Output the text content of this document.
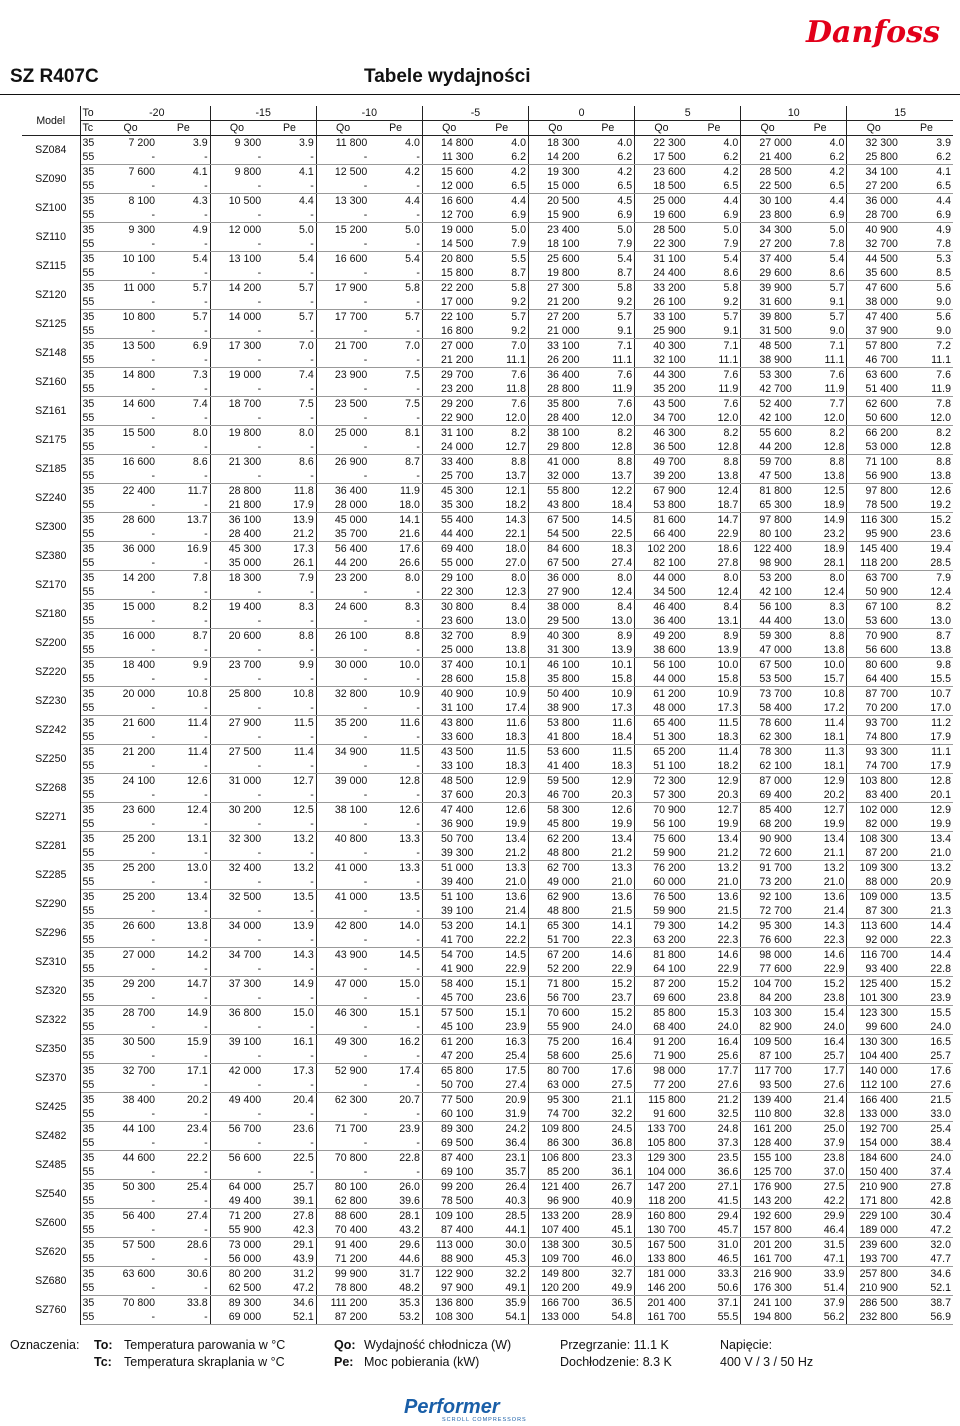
Danfoss
SZ R407C	Tabele wydajności
Model	To	-20		-15		-10		-5		0		5		10		15	
	Tc	Qo	Pe	Qo	Pe	Qo	Pe	Qo	Pe	Qo	Pe	Qo	Pe	Qo	Pe	Qo	Pe
SZ084	35	7 200	3.9	9 300	3.9	11 800	4.0	14 800	4.0	18 300	4.0	22 300	4.0	27 000	4.0	32 300	3.9
	55	-	-	-	-	-	-	11 300	6.2	14 200	6.2	17 500	6.2	21 400	6.2	25 800	6.2
SZ090	35	7 600	4.1	9 800	4.1	12 500	4.2	15 600	4.2	19 300	4.2	23 600	4.2	28 500	4.2	34 100	4.1
	55	-	-	-	-	-	-	12 000	6.5	15 000	6.5	18 500	6.5	22 500	6.5	27 200	6.5
SZ100	35	8 100	4.3	10 500	4.4	13 300	4.4	16 600	4.4	20 500	4.5	25 000	4.4	30 100	4.4	36 000	4.4
	55	-	-	-	-	-	-	12 700	6.9	15 900	6.9	19 600	6.9	23 800	6.9	28 700	6.9
SZ110	35	9 300	4.9	12 000	5.0	15 200	5.0	19 000	5.0	23 400	5.0	28 500	5.0	34 300	5.0	40 900	4.9
	55	-	-	-	-	-	-	14 500	7.9	18 100	7.9	22 300	7.9	27 200	7.8	32 700	7.8
SZ115	35	10 100	5.4	13 100	5.4	16 600	5.4	20 800	5.5	25 600	5.4	31 100	5.4	37 400	5.4	44 500	5.3
	55	-	-	-	-	-	-	15 800	8.7	19 800	8.7	24 400	8.6	29 600	8.6	35 600	8.5
SZ120	35	11 000	5.7	14 200	5.7	17 900	5.8	22 200	5.8	27 300	5.8	33 200	5.8	39 900	5.7	47 600	5.6
	55	-	-	-	-	-	-	17 000	9.2	21 200	9.2	26 100	9.2	31 600	9.1	38 000	9.0
SZ125	35	10 800	5.7	14 000	5.7	17 700	5.7	22 100	5.7	27 200	5.7	33 100	5.7	39 800	5.7	47 400	5.6
	55	-	-	-	-	-	-	16 800	9.2	21 000	9.1	25 900	9.1	31 500	9.0	37 900	9.0
SZ148	35	13 500	6.9	17 300	7.0	21 700	7.0	27 000	7.0	33 100	7.1	40 300	7.1	48 500	7.1	57 800	7.2
	55	-	-	-	-	-	-	21 200	11.1	26 200	11.1	32 100	11.1	38 900	11.1	46 700	11.1
SZ160	35	14 800	7.3	19 000	7.4	23 900	7.5	29 700	7.6	36 400	7.6	44 300	7.6	53 300	7.6	63 600	7.6
	55	-	-	-	-	-	-	23 200	11.8	28 800	11.9	35 200	11.9	42 700	11.9	51 400	11.9
SZ161	35	14 600	7.4	18 700	7.5	23 500	7.5	29 200	7.6	35 800	7.6	43 500	7.6	52 400	7.7	62 600	7.8
	55	-	-	-	-	-	-	22 900	12.0	28 400	12.0	34 700	12.0	42 100	12.0	50 600	12.0
SZ175	35	15 500	8.0	19 800	8.0	25 000	8.1	31 100	8.2	38 100	8.2	46 300	8.2	55 600	8.2	66 200	8.2
	55	-	-	-	-	-	-	24 000	12.7	29 800	12.8	36 500	12.8	44 200	12.8	53 000	12.8
SZ185	35	16 600	8.6	21 300	8.6	26 900	8.7	33 400	8.8	41 000	8.8	49 700	8.8	59 700	8.8	71 100	8.8
	55	-	-	-	-	-	-	25 700	13.7	32 000	13.7	39 200	13.8	47 500	13.8	56 900	13.8
SZ240	35	22 400	11.7	28 800	11.8	36 400	11.9	45 300	12.1	55 800	12.2	67 900	12.4	81 800	12.5	97 800	12.6
	55	-	-	21 800	17.9	28 000	18.0	35 300	18.2	43 800	18.4	53 800	18.7	65 300	18.9	78 500	19.2
SZ300	35	28 600	13.7	36 100	13.9	45 000	14.1	55 400	14.3	67 500	14.5	81 600	14.7	97 800	14.9	116 300	15.2
	55	-	-	28 400	21.2	35 700	21.6	44 400	22.1	54 500	22.5	66 400	22.9	80 100	23.2	95 900	23.6
SZ380	35	36 000	16.9	45 300	17.3	56 400	17.6	69 400	18.0	84 600	18.3	102 200	18.6	122 400	18.9	145 400	19.4
	55	-	-	35 000	26.1	44 200	26.6	55 000	27.0	67 500	27.4	82 100	27.8	98 900	28.1	118 200	28.5
SZ170	35	14 200	7.8	18 300	7.9	23 200	8.0	29 100	8.0	36 000	8.0	44 000	8.0	53 200	8.0	63 700	7.9
	55	-	-	-	-	-	-	22 300	12.3	27 900	12.4	34 500	12.4	42 100	12.4	50 900	12.4
SZ180	35	15 000	8.2	19 400	8.3	24 600	8.3	30 800	8.4	38 000	8.4	46 400	8.4	56 100	8.3	67 100	8.2
	55	-	-	-	-	-	-	23 600	13.0	29 500	13.0	36 400	13.1	44 400	13.0	53 600	13.0
SZ200	35	16 000	8.7	20 600	8.8	26 100	8.8	32 700	8.9	40 300	8.9	49 200	8.9	59 300	8.8	70 900	8.7
	55	-	-	-	-	-	-	25 000	13.8	31 300	13.9	38 600	13.9	47 000	13.8	56 600	13.8
SZ220	35	18 400	9.9	23 700	9.9	30 000	10.0	37 400	10.1	46 100	10.1	56 100	10.0	67 500	10.0	80 600	9.8
	55	-	-	-	-	-	-	28 600	15.8	35 800	15.8	44 000	15.8	53 500	15.7	64 400	15.5
SZ230	35	20 000	10.8	25 800	10.8	32 800	10.9	40 900	10.9	50 400	10.9	61 200	10.9	73 700	10.8	87 700	10.7
	55	-	-	-	-	-	-	31 100	17.4	38 900	17.3	48 000	17.3	58 400	17.2	70 200	17.0
SZ242	35	21 600	11.4	27 900	11.5	35 200	11.6	43 800	11.6	53 800	11.6	65 400	11.5	78 600	11.4	93 700	11.2
	55	-	-	-	-	-	-	33 600	18.3	41 800	18.4	51 300	18.3	62 300	18.1	74 800	17.9
SZ250	35	21 200	11.4	27 500	11.4	34 900	11.5	43 500	11.5	53 600	11.5	65 200	11.4	78 300	11.3	93 300	11.1
	55	-	-	-	-	-	-	33 100	18.3	41 400	18.3	51 100	18.2	62 100	18.1	74 700	17.9
SZ268	35	24 100	12.6	31 000	12.7	39 000	12.8	48 500	12.9	59 500	12.9	72 300	12.9	87 000	12.9	103 800	12.8
	55	-	-	-	-	-	-	37 600	20.3	46 700	20.3	57 300	20.3	69 400	20.2	83 400	20.1
SZ271	35	23 600	12.4	30 200	12.5	38 100	12.6	47 400	12.6	58 300	12.6	70 900	12.7	85 400	12.7	102 000	12.9
	55	-	-	-	-	-	-	36 900	19.9	45 800	19.9	56 100	19.9	68 200	19.9	82 000	19.9
SZ281	35	25 200	13.1	32 300	13.2	40 800	13.3	50 700	13.4	62 200	13.4	75 600	13.4	90 900	13.4	108 300	13.4
	55	-	-	-	-	-	-	39 300	21.2	48 800	21.2	59 900	21.2	72 600	21.1	87 200	21.0
SZ285	35	25 200	13.0	32 400	13.2	41 000	13.3	51 000	13.3	62 700	13.3	76 200	13.2	91 700	13.2	109 300	13.2
	55	-	-	-	-	-	-	39 400	21.0	49 000	21.0	60 000	21.0	73 200	21.0	88 000	20.9
SZ290	35	25 200	13.4	32 500	13.5	41 000	13.5	51 100	13.6	62 900	13.6	76 500	13.6	92 100	13.6	109 000	13.5
	55	-	-	-	-	-	-	39 100	21.4	48 800	21.5	59 900	21.5	72 700	21.4	87 300	21.3
SZ296	35	26 600	13.8	34 000	13.9	42 800	14.0	53 200	14.1	65 300	14.1	79 300	14.2	95 300	14.3	113 600	14.4
	55	-	-	-	-	-	-	41 700	22.2	51 700	22.3	63 200	22.3	76 600	22.3	92 000	22.3
SZ310	35	27 000	14.2	34 700	14.3	43 900	14.5	54 700	14.5	67 200	14.6	81 800	14.6	98 000	14.6	116 700	14.4
	55	-	-	-	-	-	-	41 900	22.9	52 200	22.9	64 100	22.9	77 600	22.9	93 400	22.8
SZ320	35	29 200	14.7	37 300	14.9	47 000	15.0	58 400	15.1	71 800	15.2	87 200	15.2	104 700	15.2	125 400	15.2
	55	-	-	-	-	-	-	45 700	23.6	56 700	23.7	69 600	23.8	84 200	23.8	101 300	23.9
SZ322	35	28 700	14.9	36 800	15.0	46 300	15.1	57 500	15.1	70 600	15.2	85 800	15.3	103 300	15.4	123 300	15.5
	55	-	-	-	-	-	-	45 100	23.9	55 900	24.0	68 400	24.0	82 900	24.0	99 600	24.0
SZ350	35	30 500	15.9	39 100	16.1	49 300	16.2	61 200	16.3	75 200	16.4	91 200	16.4	109 500	16.4	130 300	16.5
	55	-	-	-	-	-	-	47 200	25.4	58 600	25.6	71 900	25.6	87 100	25.7	104 400	25.7
SZ370	35	32 700	17.1	42 000	17.3	52 900	17.4	65 800	17.5	80 700	17.6	98 000	17.7	117 700	17.7	140 000	17.6
	55	-	-	-	-	-	-	50 700	27.4	63 000	27.5	77 200	27.6	93 500	27.6	112 100	27.6
SZ425	35	38 400	20.2	49 400	20.4	62 300	20.7	77 500	20.9	95 300	21.1	115 800	21.2	139 400	21.4	166 400	21.5
	55	-	-	-	-	-	-	60 100	31.9	74 700	32.2	91 600	32.5	110 800	32.8	133 000	33.0
SZ482	35	44 100	23.4	56 700	23.6	71 700	23.9	89 300	24.2	109 800	24.5	133 700	24.8	161 200	25.0	192 700	25.4
	55	-	-	-	-	-	-	69 500	36.4	86 300	36.8	105 800	37.3	128 400	37.9	154 000	38.4
SZ485	35	44 600	22.2	56 600	22.5	70 800	22.8	87 400	23.1	106 800	23.3	129 300	23.5	155 100	23.8	184 600	24.0
	55	-	-	-	-	-	-	69 100	35.7	85 200	36.1	104 000	36.6	125 700	37.0	150 400	37.4
SZ540	35	50 300	25.4	64 000	25.7	80 100	26.0	99 200	26.4	121 400	26.7	147 200	27.1	176 900	27.5	210 900	27.8
	55	-	-	49 400	39.1	62 800	39.6	78 500	40.3	96 900	40.9	118 200	41.5	143 200	42.2	171 800	42.8
SZ600	35	56 400	27.4	71 200	27.8	88 600	28.1	109 100	28.5	133 200	28.9	160 800	29.4	192 600	29.9	229 100	30.4
	55	-	-	55 900	42.3	70 400	43.2	87 400	44.1	107 400	45.1	130 700	45.7	157 800	46.4	189 000	47.2
SZ620	35	57 500	28.6	73 000	29.1	91 400	29.6	113 000	30.0	138 300	30.5	167 500	31.0	201 200	31.5	239 600	32.0
	55	-	-	56 000	43.9	71 200	44.6	88 900	45.3	109 700	46.0	133 800	46.5	161 700	47.1	193 700	47.7
SZ680	35	63 600	30.6	80 200	31.2	99 900	31.7	122 900	32.2	149 800	32.7	181 000	33.3	216 900	33.9	257 800	34.6
	55	-	-	62 500	47.2	78 800	48.2	97 900	49.1	120 200	49.9	146 200	50.6	176 300	51.4	210 900	52.1
SZ760	35	70 800	33.8	89 300	34.6	111 200	35.3	136 800	35.9	166 700	36.5	201 400	37.1	241 100	37.9	286 500	38.7
	55	-	-	69 000	52.1	87 200	53.2	108 300	54.1	133 000	54.8	161 700	55.5	194 800	56.2	232 800	56.9
Oznaczenia: To: Temperatura parowania w °C
Tc: Temperatura skraplania w °C
Qo: Wydajność chłodnicza (W)
Pe: Moc pobierania (kW)
Przegrzanie: 11.1 K
Dochłodzenie: 8.3 K
Napięcie:
400 V / 3 / 50 Hz
Performer
SCROLL COMPRESSORS
